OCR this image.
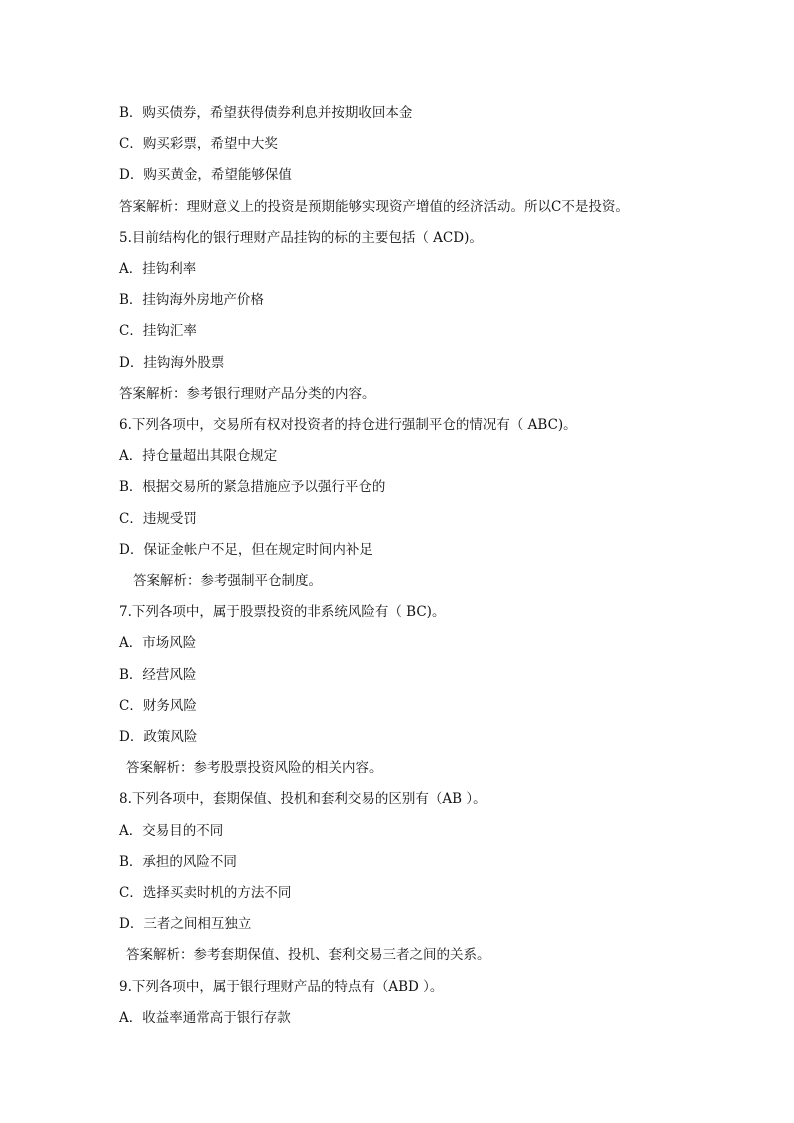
B．购买债券，希望获得债券利息并按期收回本金
C．购买彩票，希望中大奖
D．购买黄金，希望能够保值
答案解析：理财意义上的投资是预期能够实现资产增值的经济活动。所以C不是投资。
5.目前结构化的银行理财产品挂钩的标的主要包括（ ACD)。
A．挂钩利率
B．挂钩海外房地产价格
C．挂钩汇率
D．挂钩海外股票
答案解析：参考银行理财产品分类的内容。
6.下列各项中，交易所有权对投资者的持仓进行强制平仓的情况有（ ABC)。
A．持仓量超出其限仓规定
B．根据交易所的紧急措施应予以强行平仓的
C．违规受罚
D．保证金帐户不足，但在规定时间内补足
答案解析：参考强制平仓制度。
7.下列各项中，属于股票投资的非系统风险有（ BC)。
A．市场风险
B．经营风险
C．财务风险
D．政策风险
答案解析：参考股票投资风险的相关内容。
8.下列各项中，套期保值、投机和套利交易的区别有（AB ）。
A．交易目的不同
B．承担的风险不同
C．选择买卖时机的方法不同
D．三者之间相互独立
答案解析：参考套期保值、投机、套利交易三者之间的关系。
9.下列各项中，属于银行理财产品的特点有（ABD ）。
A．收益率通常高于银行存款
